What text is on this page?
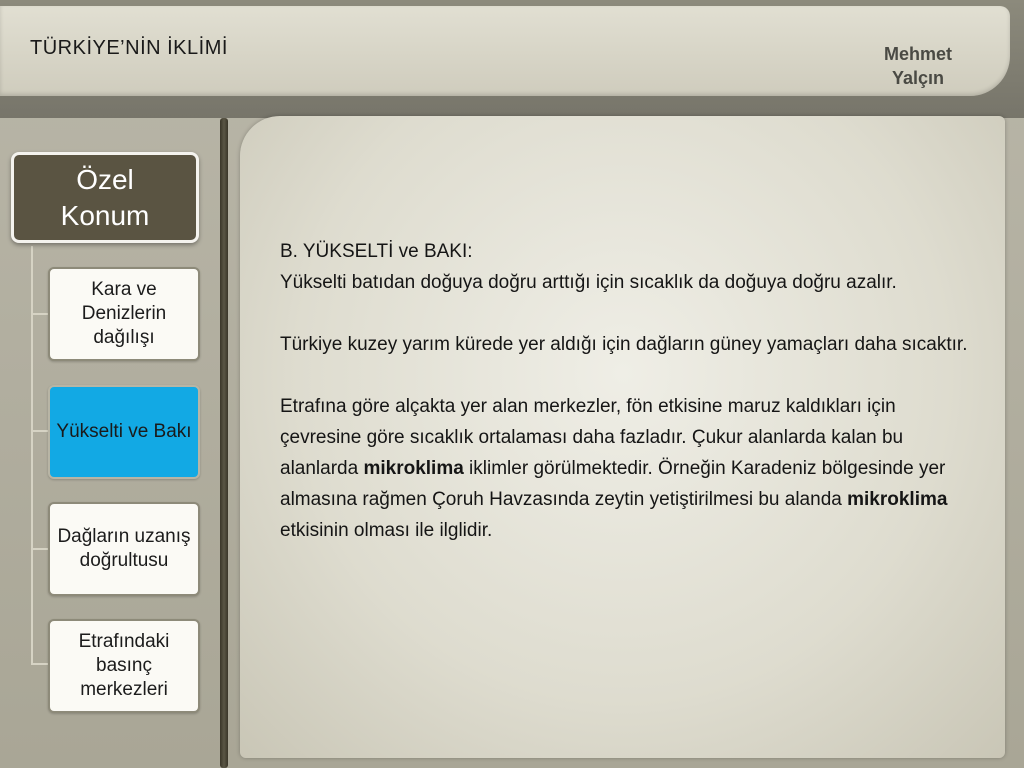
TÜRKİYE’NİN İKLİMİ	Mehmet
Yalçın
Özel
Konum
Kara ve Denizlerin dağılışı
Yükselti ve Bakı
Dağların uzanış doğrultusu
Etrafındaki basınç merkezleri

B. YÜKSELTİ ve BAKI:

Yükselti batıdan doğuya doğru arttığı için sıcaklık da doğuya doğru azalır.

Türkiye kuzey yarım kürede yer aldığı için dağların güney yamaçları daha sıcaktır.

Etrafına göre alçakta yer alan merkezler, fön etkisine maruz kaldıkları için çevresine göre sıcaklık ortalaması daha fazladır. Çukur alanlarda kalan bu alanlarda mikroklima iklimler görülmektedir. Örneğin Karadeniz bölgesinde yer almasına rağmen Çoruh Havzasında zeytin yetiştirilmesi bu alanda mikroklima etkisinin olması ile ilglidir.
